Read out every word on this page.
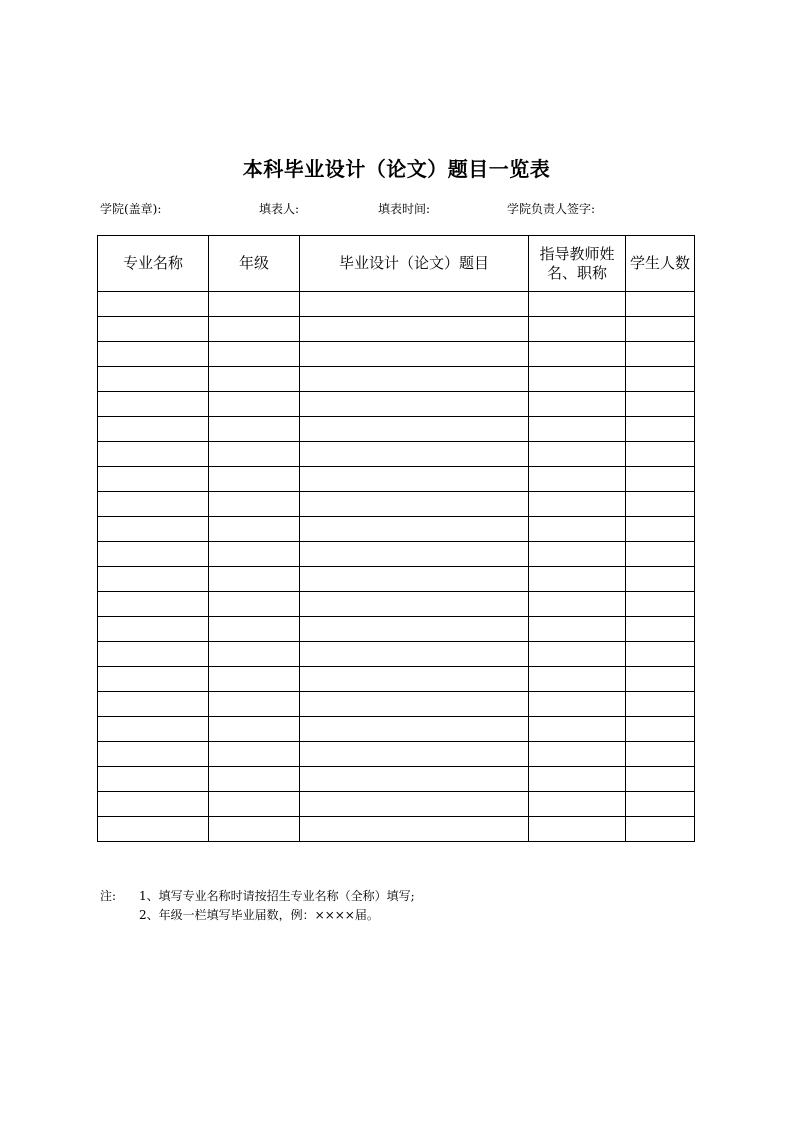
本科毕业设计（论文）题目一览表
学院(盖章):	填表人:	填表时间:	学院负责人签字:
专业名称	年级	毕业设计（论文）题目	指导教师姓名、职称	学生人数

注: 1、填写专业名称时请按招生专业名称（全称）填写;
2、年级一栏填写毕业届数，例：××××届。
